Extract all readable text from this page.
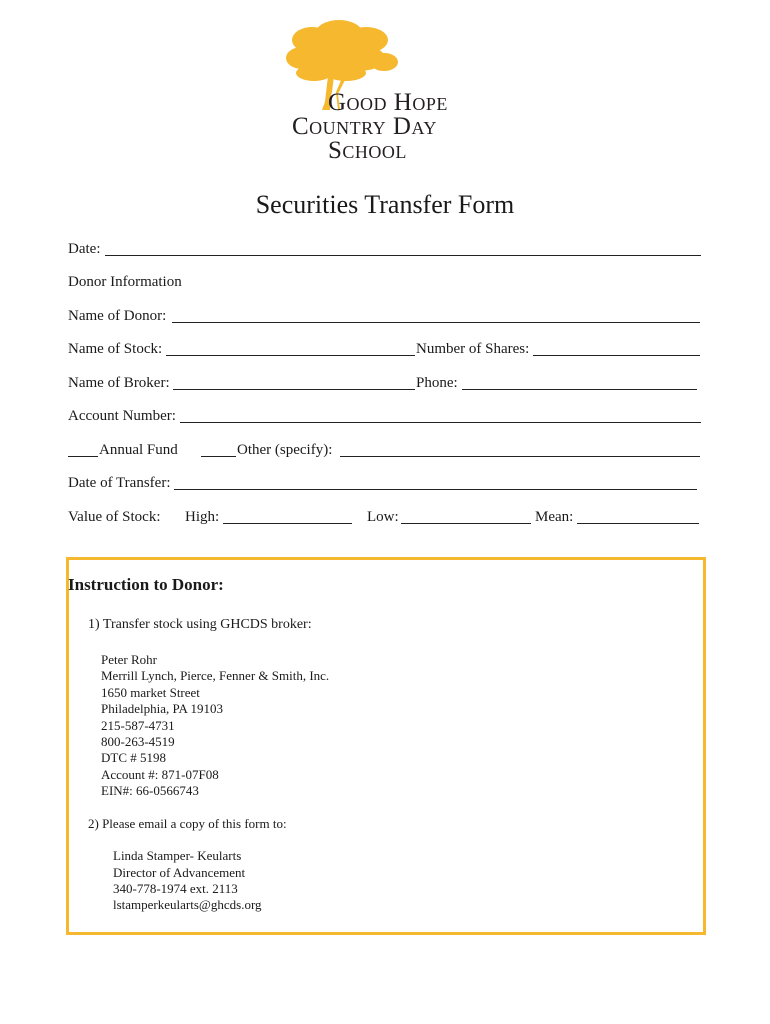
Good Hope
Country Day
School
Securities Transfer Form
Date:
Donor Information
Name of Donor:
Name of Stock:	Number of Shares:
Name of Broker:	Phone:
Account Number:
Annual Fund	Other (specify):
Date of Transfer:
Value of Stock: High:	Low:	Mean:
Instruction to Donor:
1) Transfer stock using GHCDS broker:
Peter Rohr
Merrill Lynch, Pierce, Fenner & Smith, Inc.
1650 market Street
Philadelphia, PA 19103
215-587-4731
800-263-4519
DTC # 5198
Account #: 871-07F08
EIN#: 66-0566743
2) Please email a copy of this form to:
Linda Stamper- Keularts
Director of Advancement
340-778-1974 ext. 2113
lstamperkeularts@ghcds.org
